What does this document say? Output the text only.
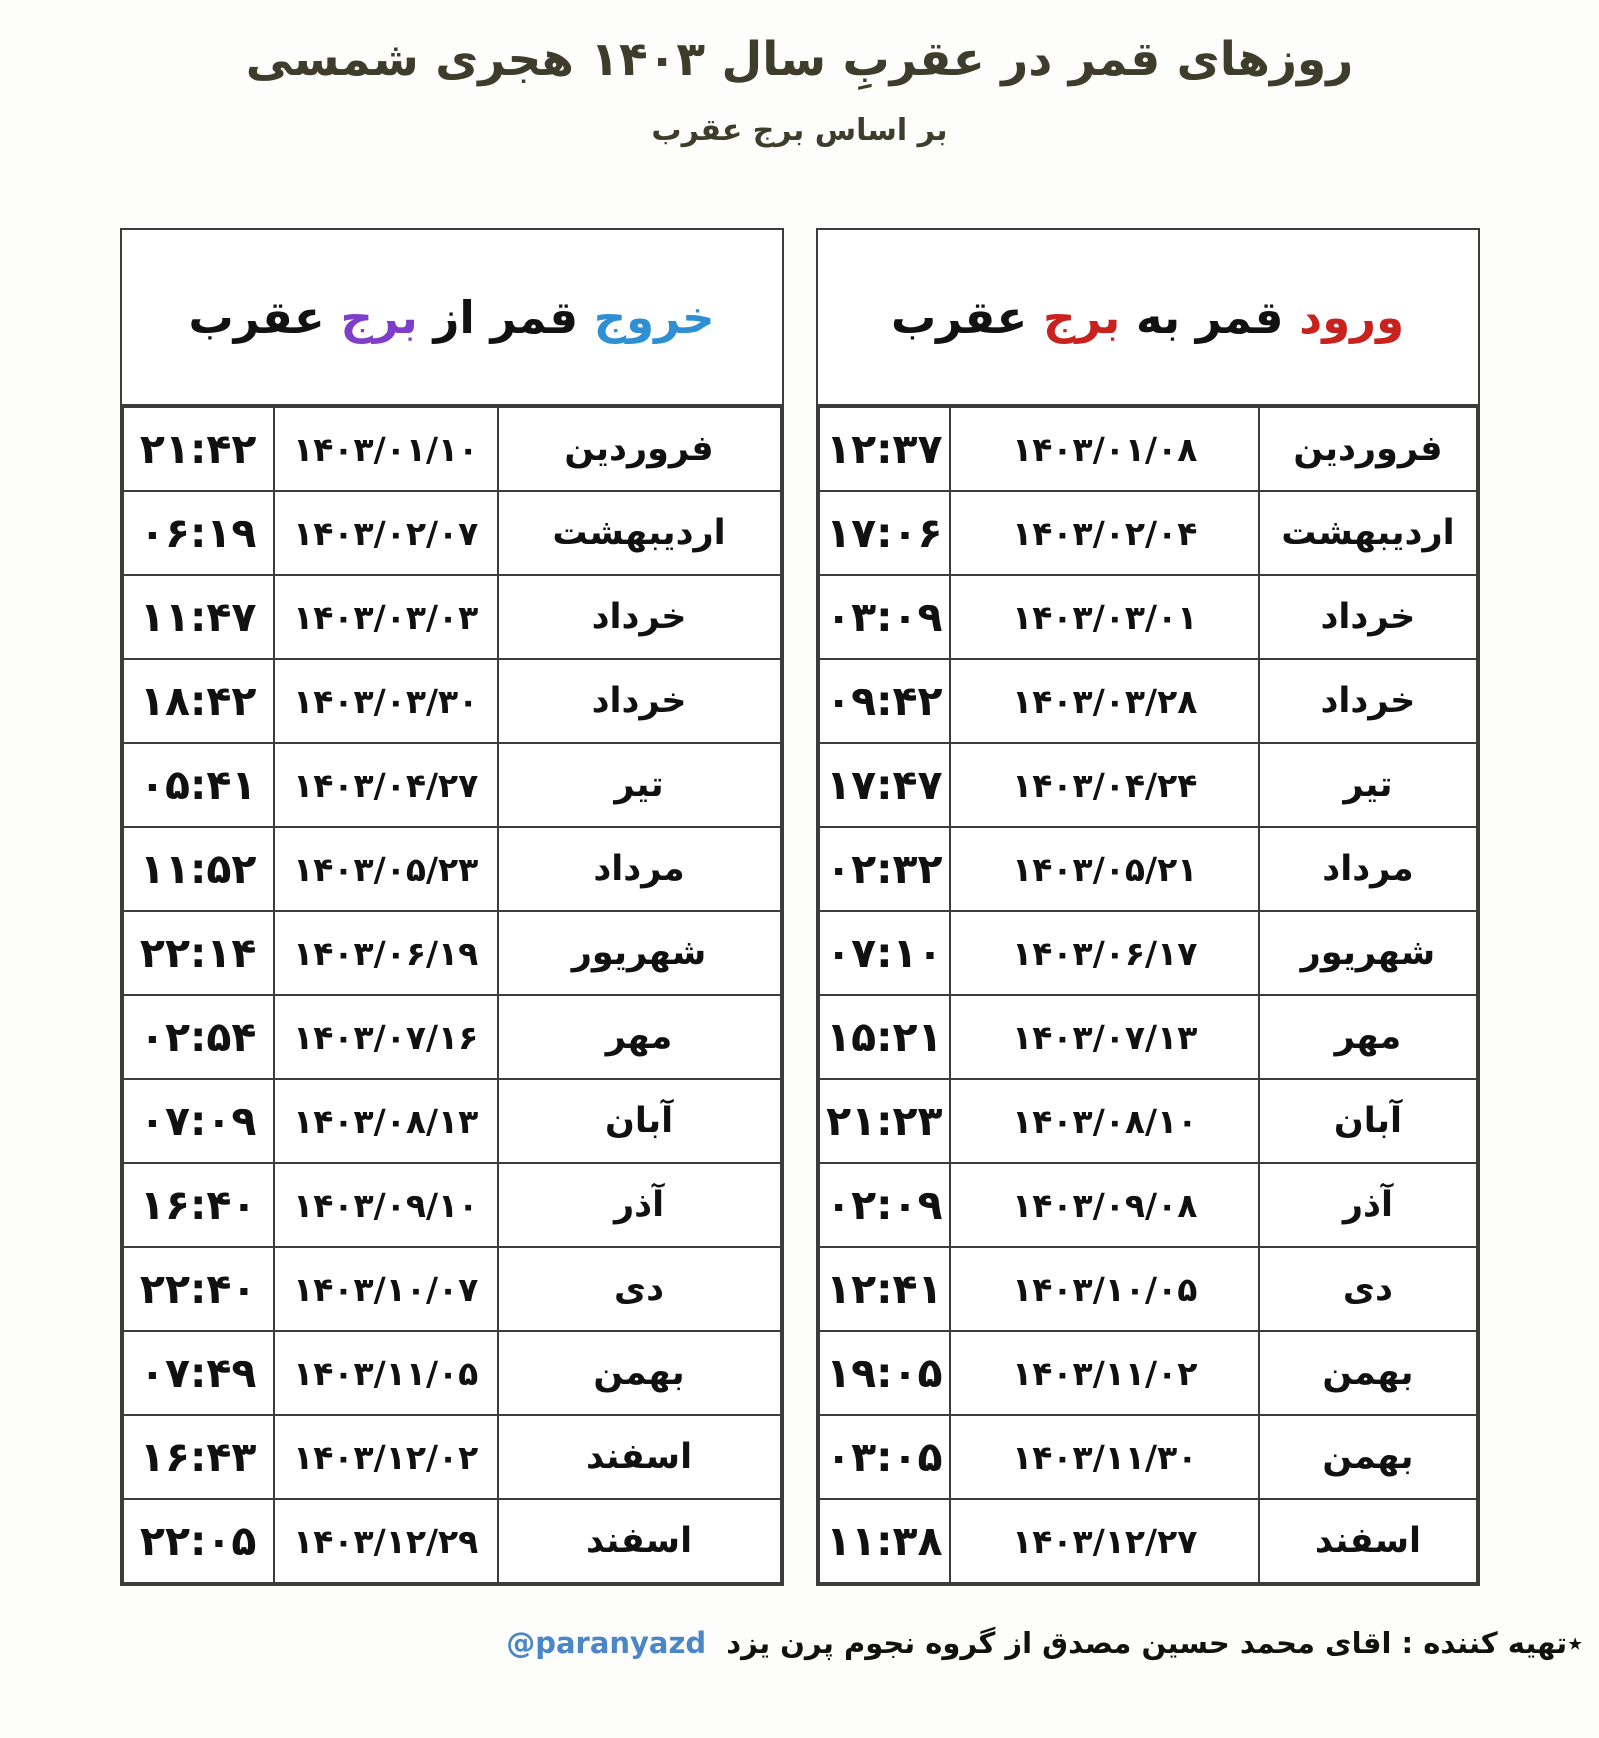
روزهای قمر در عقربِ سال ۱۴۰۳ هجری شمسی
بر اساس برج عقرب
ورود
قمر به
برج
عقرب
فروردین	۱۴۰۳/۰۱/۰۸	۱۲:۳۷
اردیبهشت	۱۴۰۳/۰۲/۰۴	۱۷:۰۶
خرداد	۱۴۰۳/۰۳/۰۱	۰۳:۰۹
خرداد	۱۴۰۳/۰۳/۲۸	۰۹:۴۲
تیر	۱۴۰۳/۰۴/۲۴	۱۷:۴۷
مرداد	۱۴۰۳/۰۵/۲۱	۰۲:۳۲
شهریور	۱۴۰۳/۰۶/۱۷	۰۷:۱۰
مهر	۱۴۰۳/۰۷/۱۳	۱۵:۲۱
آبان	۱۴۰۳/۰۸/۱۰	۲۱:۲۳
آذر	۱۴۰۳/۰۹/۰۸	۰۲:۰۹
دی	۱۴۰۳/۱۰/۰۵	۱۲:۴۱
بهمن	۱۴۰۳/۱۱/۰۲	۱۹:۰۵
بهمن	۱۴۰۳/۱۱/۳۰	۰۳:۰۵
اسفند	۱۴۰۳/۱۲/۲۷	۱۱:۳۸
خروج
قمر از
برج
عقرب
فروردین	۱۴۰۳/۰۱/۱۰	۲۱:۴۲
اردیبهشت	۱۴۰۳/۰۲/۰۷	۰۶:۱۹
خرداد	۱۴۰۳/۰۳/۰۳	۱۱:۴۷
خرداد	۱۴۰۳/۰۳/۳۰	۱۸:۴۲
تیر	۱۴۰۳/۰۴/۲۷	۰۵:۴۱
مرداد	۱۴۰۳/۰۵/۲۳	۱۱:۵۲
شهریور	۱۴۰۳/۰۶/۱۹	۲۲:۱۴
مهر	۱۴۰۳/۰۷/۱۶	۰۲:۵۴
آبان	۱۴۰۳/۰۸/۱۳	۰۷:۰۹
آذر	۱۴۰۳/۰۹/۱۰	۱۶:۴۰
دی	۱۴۰۳/۱۰/۰۷	۲۲:۴۰
بهمن	۱۴۰۳/۱۱/۰۵	۰۷:۴۹
اسفند	۱۴۰۳/۱۲/۰۲	۱۶:۴۳
اسفند	۱۴۰۳/۱۲/۲۹	۲۲:۰۵
٭تهیه کننده : اقای محمد حسین مصدق از گروه نجوم پرن یزد @paranyazd
